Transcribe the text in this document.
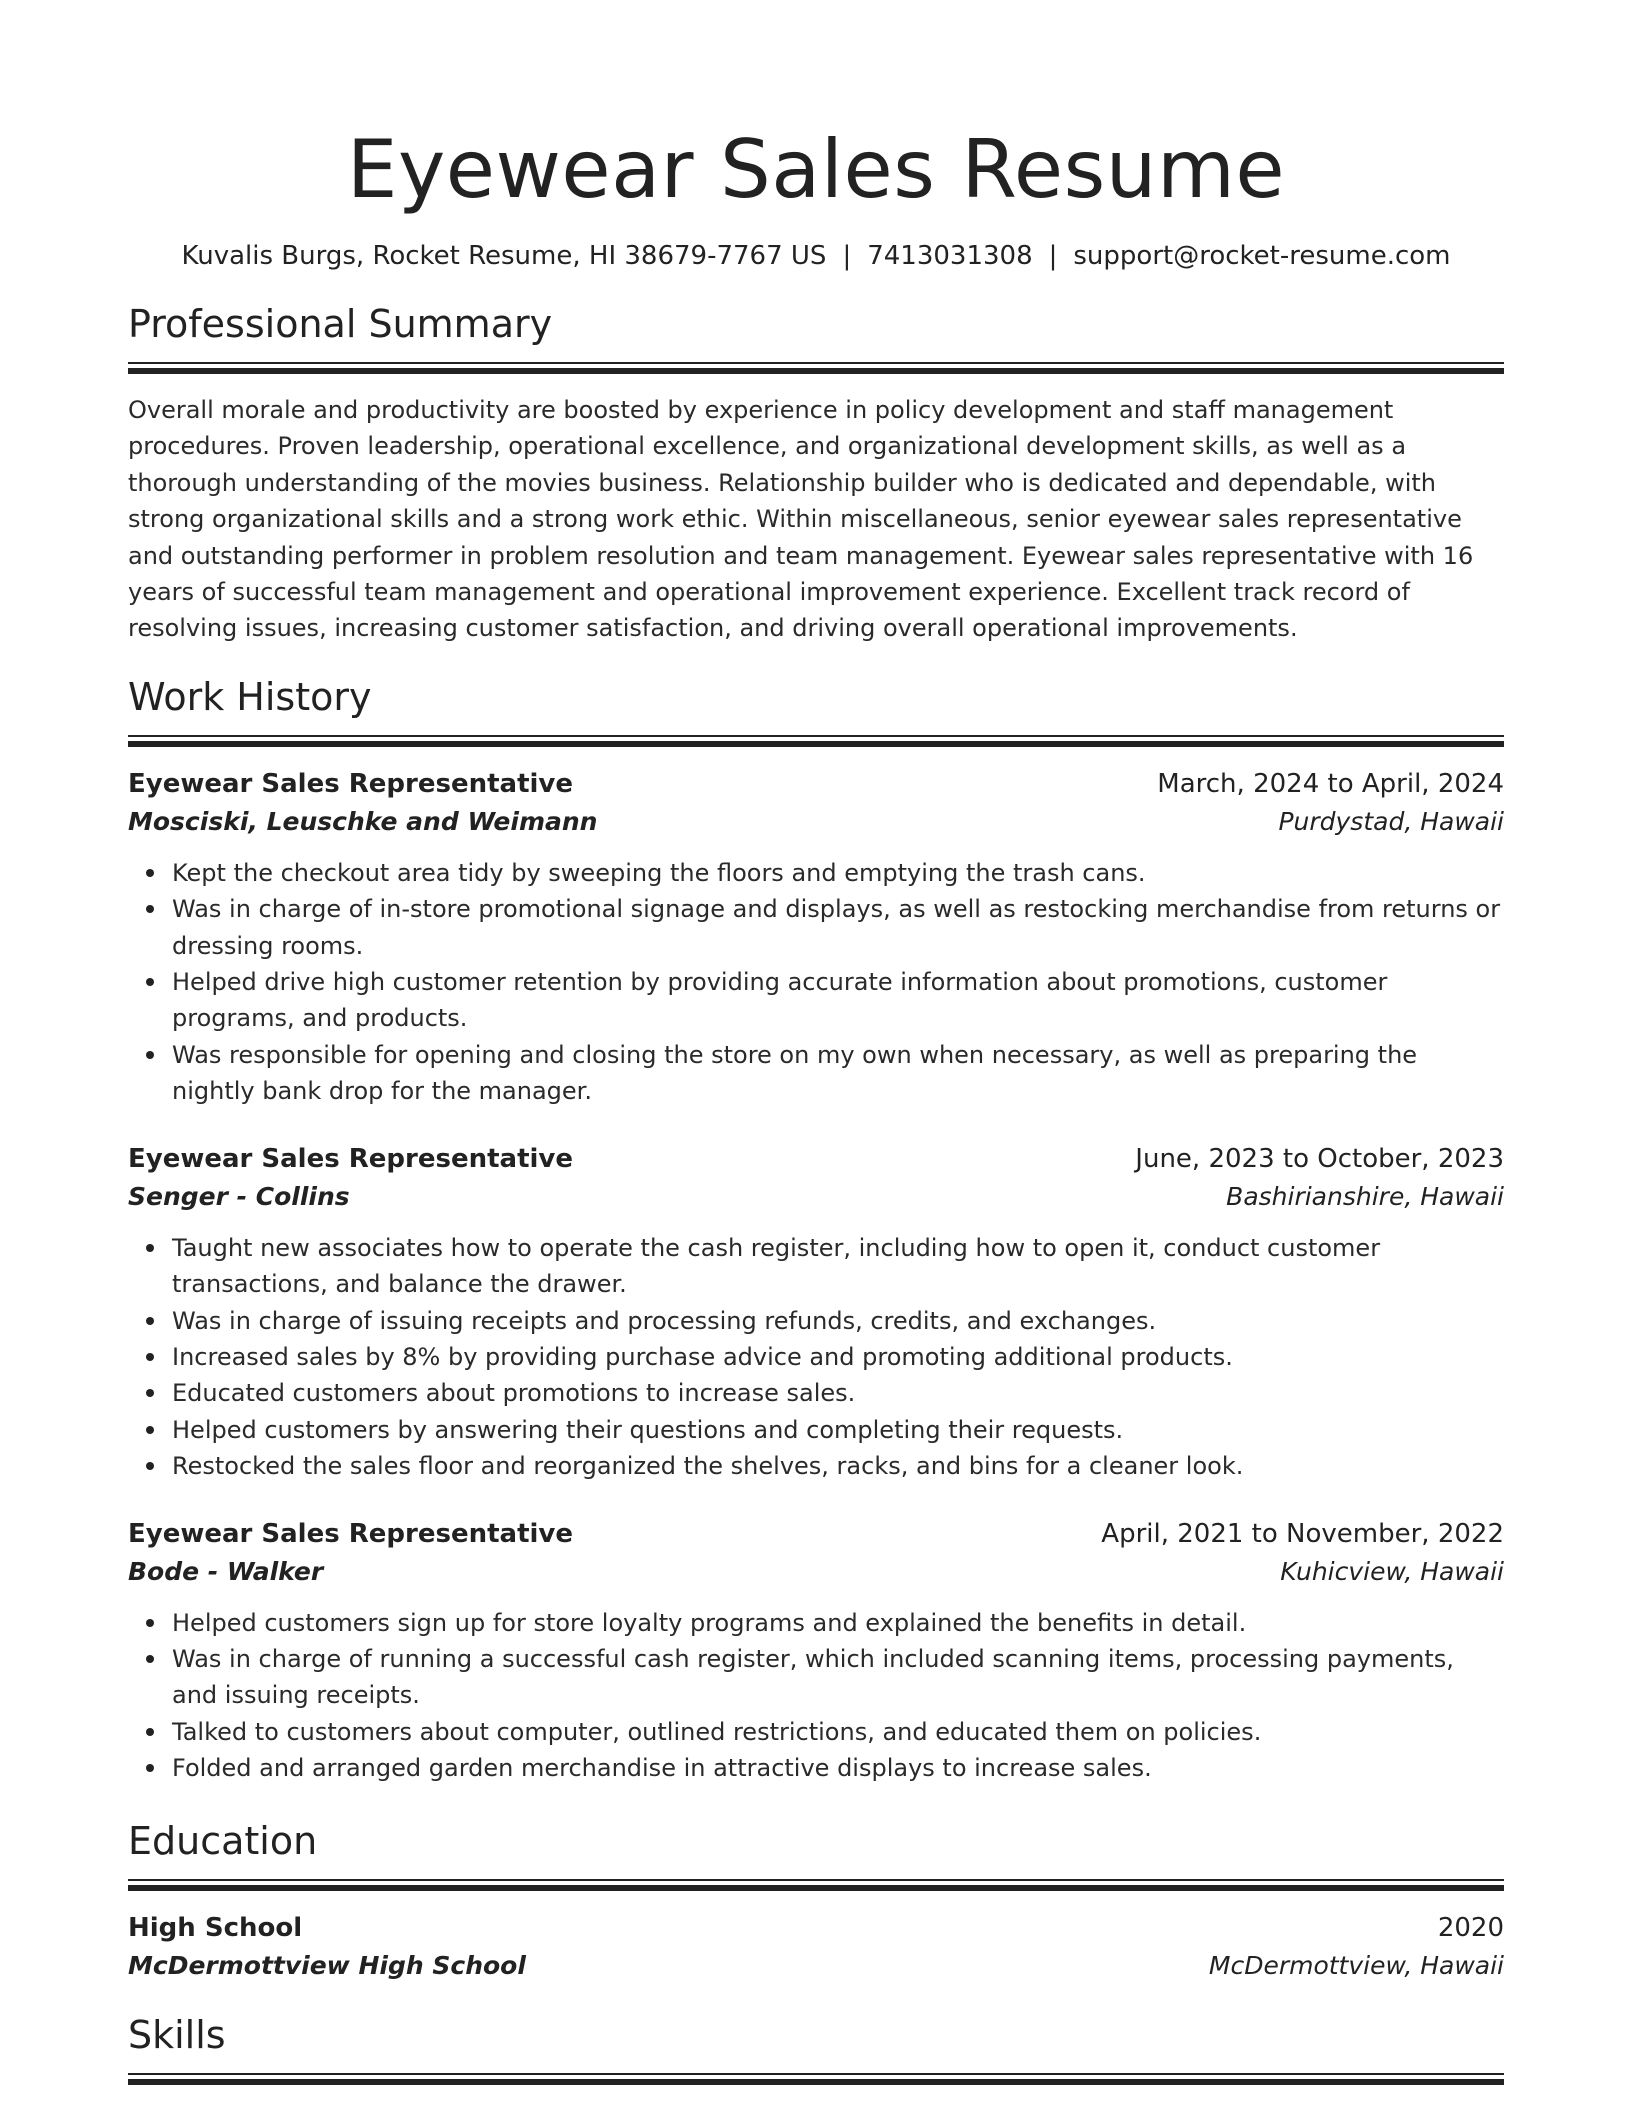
Eyewear Sales Resume
Kuvalis Burgs, Rocket Resume, HI 38679-7767 US | 7413031308 | support@rocket-resume.com
Professional Summary

Overall morale and productivity are boosted by experience in policy development and staff management procedures. Proven leadership, operational excellence, and organizational development skills, as well as a thorough understanding of the movies business. Relationship builder who is dedicated and dependable, with strong organizational skills and a strong work ethic. Within miscellaneous, senior eyewear sales representative and outstanding performer in problem resolution and team management. Eyewear sales representative with 16 years of successful team management and operational improvement experience. Excellent track record of resolving issues, increasing customer satisfaction, and driving overall operational improvements.

Work History
Eyewear Sales Representative	March, 2024 to April, 2024
Mosciski, Leuschke and Weimann	Purdystad, Hawaii
Kept the checkout area tidy by sweeping the floors and emptying the trash cans.
Was in charge of in-store promotional signage and displays, as well as restocking merchandise from returns or dressing rooms.
Helped drive high customer retention by providing accurate information about promotions, customer programs, and products.
Was responsible for opening and closing the store on my own when necessary, as well as preparing the nightly bank drop for the manager.
Eyewear Sales Representative	June, 2023 to October, 2023
Senger - Collins	Bashirianshire, Hawaii
Taught new associates how to operate the cash register, including how to open it, conduct customer transactions, and balance the drawer.
Was in charge of issuing receipts and processing refunds, credits, and exchanges.
Increased sales by 8% by providing purchase advice and promoting additional products.
Educated customers about promotions to increase sales.
Helped customers by answering their questions and completing their requests.
Restocked the sales floor and reorganized the shelves, racks, and bins for a cleaner look.
Eyewear Sales Representative	April, 2021 to November, 2022
Bode - Walker	Kuhicview, Hawaii
Helped customers sign up for store loyalty programs and explained the benefits in detail.
Was in charge of running a successful cash register, which included scanning items, processing payments, and issuing receipts.
Talked to customers about computer, outlined restrictions, and educated them on policies.
Folded and arranged garden merchandise in attractive displays to increase sales.
Education
High School	2020
McDermottview High School	McDermottview, Hawaii
Skills
